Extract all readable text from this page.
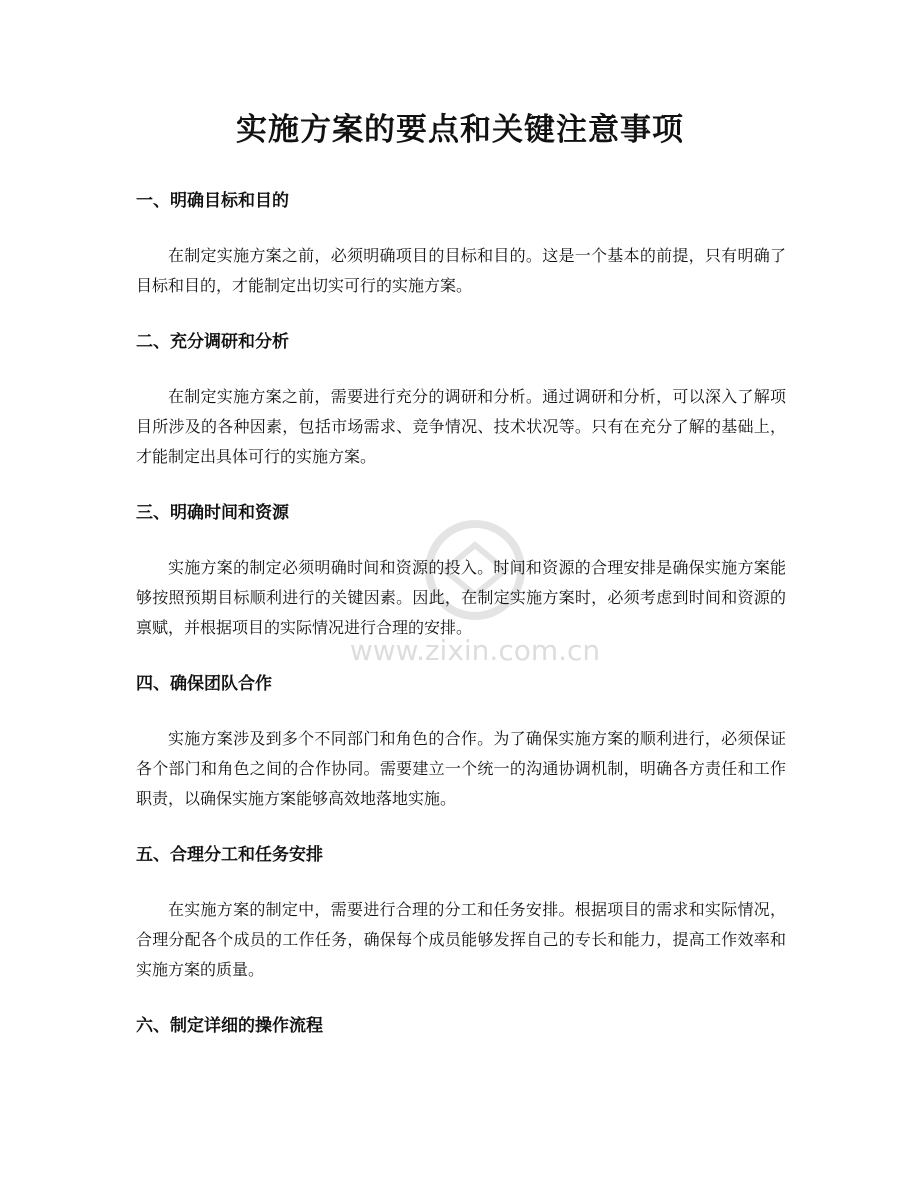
实施方案的要点和关键注意事项
www.zixin.com.cn
一、明确目标和目的

在制定实施方案之前，必须明确项目的目标和目的。这是一个基本的前提，只有明确了目标和目的，才能制定出切实可行的实施方案。

二、充分调研和分析

在制定实施方案之前，需要进行充分的调研和分析。通过调研和分析，可以深入了解项目所涉及的各种因素，包括市场需求、竞争情况、技术状况等。只有在充分了解的基础上，才能制定出具体可行的实施方案。

三、明确时间和资源

实施方案的制定必须明确时间和资源的投入。时间和资源的合理安排是确保实施方案能够按照预期目标顺利进行的关键因素。因此，在制定实施方案时，必须考虑到时间和资源的禀赋，并根据项目的实际情况进行合理的安排。

四、确保团队合作

实施方案涉及到多个不同部门和角色的合作。为了确保实施方案的顺利进行，必须保证各个部门和角色之间的合作协同。需要建立一个统一的沟通协调机制，明确各方责任和工作职责，以确保实施方案能够高效地落地实施。

五、合理分工和任务安排

在实施方案的制定中，需要进行合理的分工和任务安排。根据项目的需求和实际情况，合理分配各个成员的工作任务，确保每个成员能够发挥自己的专长和能力，提高工作效率和实施方案的质量。

六、制定详细的操作流程
